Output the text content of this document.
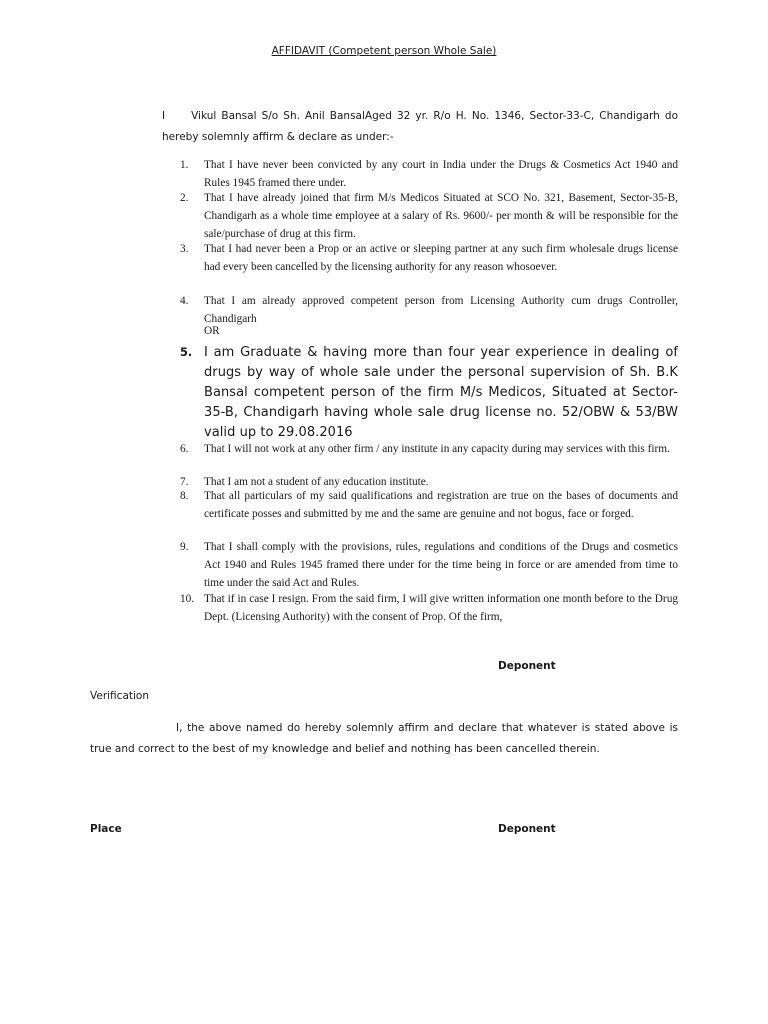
AFFIDAVIT (Competent person Whole Sale)
I Vikul Bansal S/o Sh. Anil BansalAged 32 yr. R/o H. No. 1346, Sector-33-C, Chandigarh do hereby solemnly affirm & declare as under:-
1.	That I have never been convicted by any court in India under the Drugs & Cosmetics Act 1940 and Rules 1945 framed there under.
2.	That I have already joined that firm M/s Medicos Situated at SCO No. 321, Basement, Sector-35-B, Chandigarh as a whole time employee at a salary of Rs. 9600/- per month & will be responsible for the sale/purchase of drug at this firm.
3.	That I had never been a Prop or an active or sleeping partner at any such firm wholesale drugs license had every been cancelled by the licensing authority for any reason whosoever.
4.	That I am already approved competent person from Licensing Authority cum drugs Controller, Chandigarh
OR
5. I am Graduate & having more than four year experience in dealing of drugs by way of whole sale under the personal supervision of Sh. B.K Bansal competent person of the firm M/s Medicos, Situated at Sector-35-B, Chandigarh having whole sale drug license no. 52/OBW & 53/BW valid up to 29.08.2016
6.	That I will not work at any other firm / any institute in any capacity during may services with this firm.
7.	That I am not a student of any education institute.
8.	That all particulars of my said qualifications and registration are true on the bases of documents and certificate posses and submitted by me and the same are genuine and not bogus, face or forged.
9.	That I shall comply with the provisions, rules, regulations and conditions of the Drugs and cosmetics Act 1940 and Rules 1945 framed there under for the time being in force or are amended from time to time under the said Act and Rules.
10. That if in case I resign. From the said firm, I will give written information one month before to the Drug Dept. (Licensing Authority) with the consent of Prop. Of the firm,
Deponent
Verification
I, the above named do hereby solemnly affirm and declare that whatever is stated above is true and correct to the best of my knowledge and belief and nothing has been cancelled therein.
Place	Deponent
